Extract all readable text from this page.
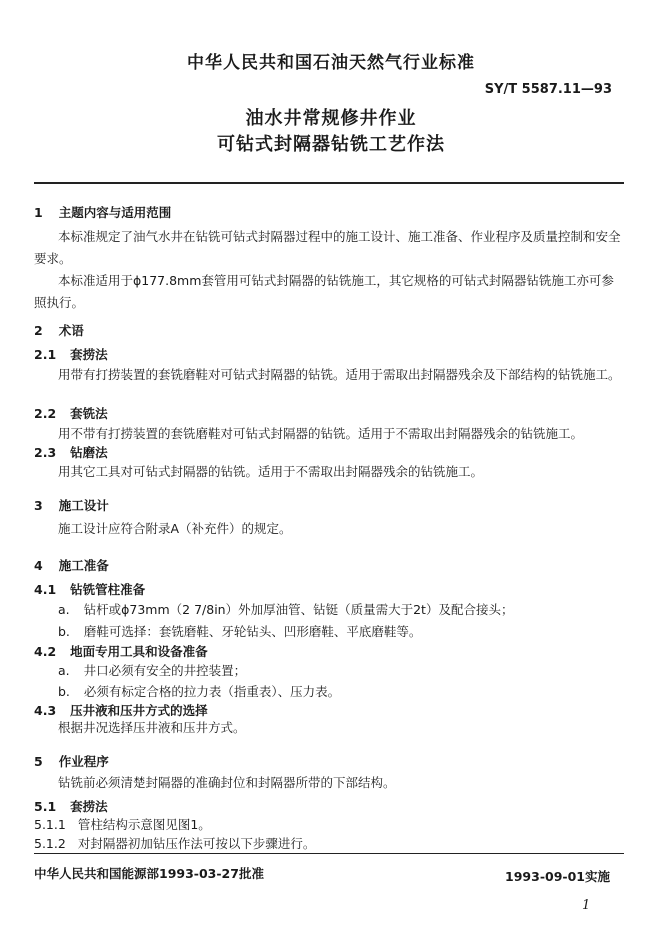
中华人民共和国石油天然气行业标准
SY/T 5587.11—93
油水井常规修井作业
可钻式封隔器钻铣工艺作法
1 主题内容与适用范围
本标准规定了油气水井在钻铣可钻式封隔器过程中的施工设计、施工准备、作业程序及质量控制和安全要求。
本标准适用于ϕ177.8mm套管用可钻式封隔器的钻铣施工，其它规格的可钻式封隔器钻铣施工亦可参照执行。
2 术语
2.1 套捞法
用带有打捞装置的套铣磨鞋对可钻式封隔器的钻铣。适用于需取出封隔器残余及下部结构的钻铣施工。
2.2 套铣法
用不带有打捞装置的套铣磨鞋对可钻式封隔器的钻铣。适用于不需取出封隔器残余的钻铣施工。
2.3 钻磨法
用其它工具对可钻式封隔器的钻铣。适用于不需取出封隔器残余的钻铣施工。
3 施工设计
施工设计应符合附录A（补充件）的规定。
4 施工准备
4.1 钻铣管柱准备
a. 钻杆或ϕ73mm（2 7/8in）外加厚油管、钻铤（质量需大于2t）及配合接头；
b. 磨鞋可选择：套铣磨鞋、牙轮钻头、凹形磨鞋、平底磨鞋等。
4.2 地面专用工具和设备准备
a. 井口必须有安全的井控装置；
b. 必须有标定合格的拉力表（指重表）、压力表。
4.3 压井液和压井方式的选择
根据井况选择压井液和压井方式。
5 作业程序
钻铣前必须清楚封隔器的准确封位和封隔器所带的下部结构。
5.1 套捞法
5.1.1 管柱结构示意图见图1。
5.1.2 对封隔器初加钻压作法可按以下步骤进行。
中华人民共和国能源部1993-03-27批准	1993-09-01实施
1
